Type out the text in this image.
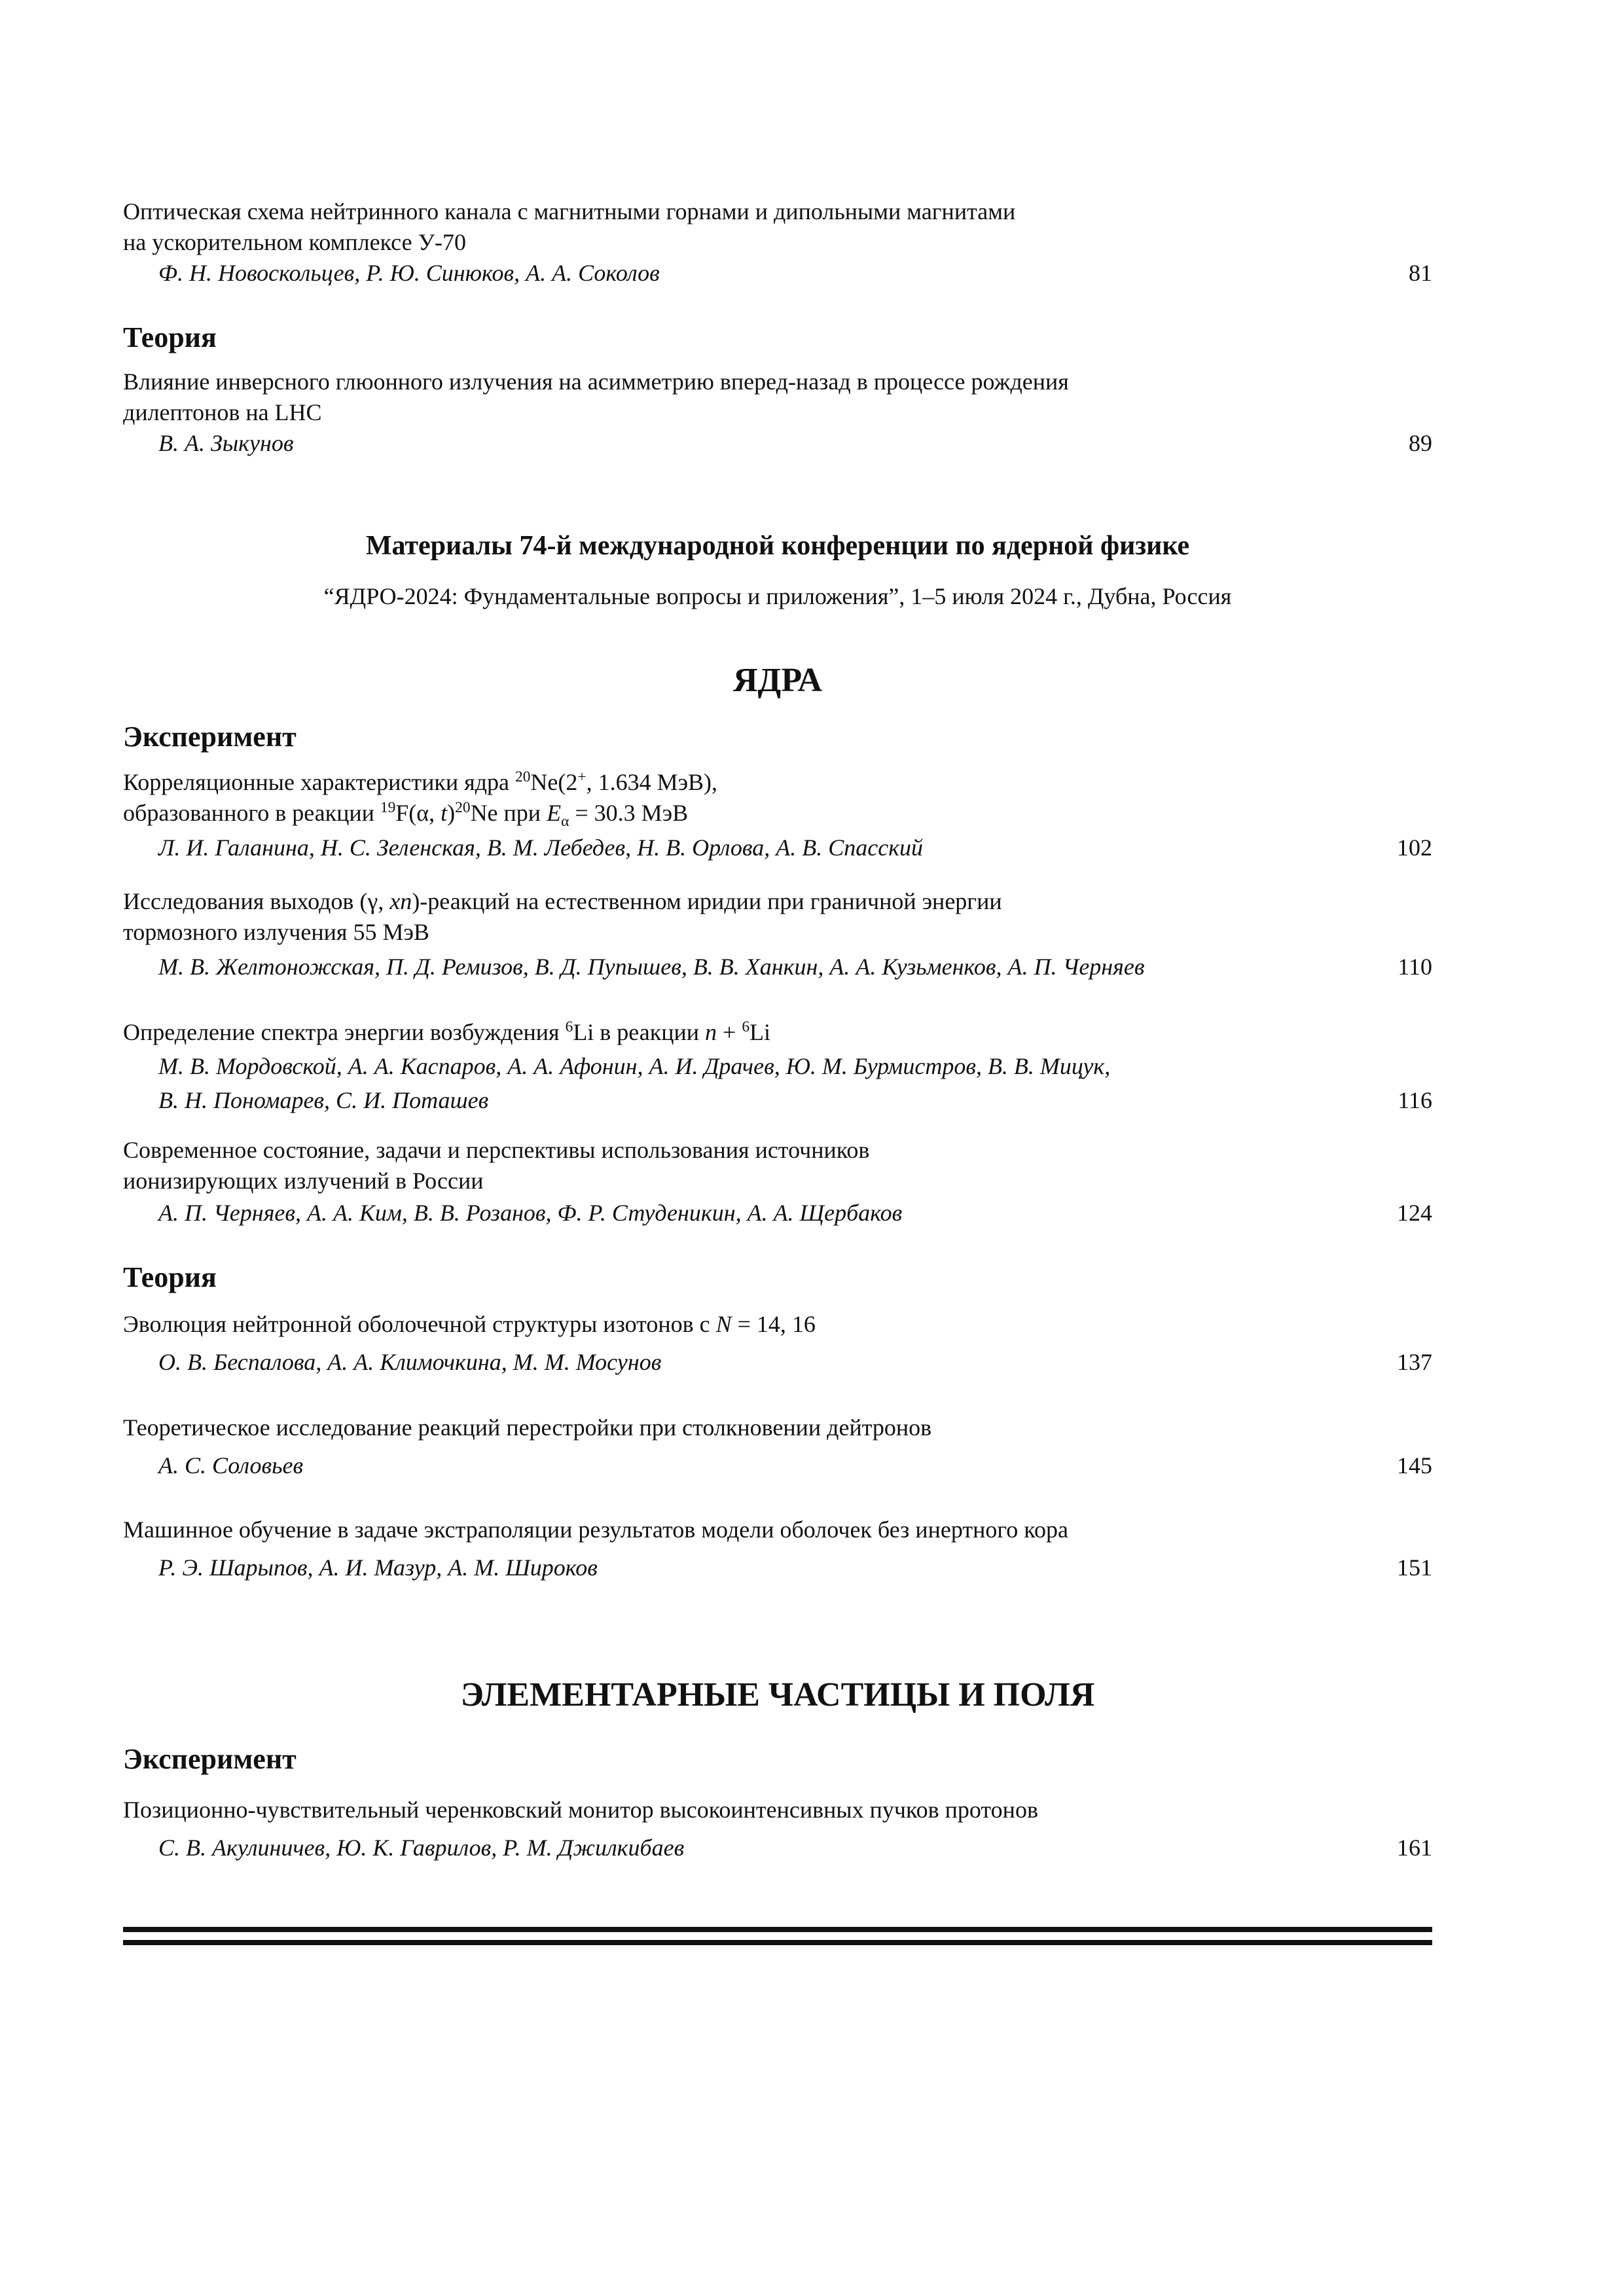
Оптическая схема нейтринного канала с магнитными горнами и дипольными магнитами
на ускорительном комплексе У-70
Ф. Н. Новоскольцев, Р. Ю. Синюков, А. А. Соколов	81
Теория
Влияние инверсного глюонного излучения на асимметрию вперед-назад в процессе рождения
дилептонов на LHC
В. А. Зыкунов	89
Материалы 74-й международной конференции по ядерной физике
“ЯДРО-2024: Фундаментальные вопросы и приложения”, 1–5 июля 2024 г., Дубна, Россия
ЯДРА
Эксперимент
Корреляционные характеристики ядра $^{20}$Ne(2+, 1.634 МэВ),
образованного в реакции $^{19}$F(α, t)$^{20}$Ne при $E_\alpha = 30.3$ МэВ
Л. И. Галанина, Н. С. Зеленская, В. М. Лебедев, Н. В. Орлова, А. В. Спасский	102
Исследования выходов (γ, xn)-реакций на естественном иридии при граничной энергии
тормозного излучения 55 МэВ
М. В. Желтоножская, П. Д. Ремизов, В. Д. Пупышев, В. В. Ханкин, А. А. Кузьменков, А. П. Черняев	110
Определение спектра энергии возбуждения $^6$Li в реакции n + $^6$Li
М. В. Мордовской, А. А. Каспаров, А. А. Афонин, А. И. Драчев, Ю. М. Бурмистров, В. В. Мицук,
В. Н. Пономарев, С. И. Поташев	116
Современное состояние, задачи и перспективы использования источников
ионизирующих излучений в России
А. П. Черняев, А. А. Ким, В. В. Розанов, Ф. Р. Студеникин, А. А. Щербаков	124
Теория
Эволюция нейтронной оболочечной структуры изотонов с N = 14, 16
О. В. Беспалова, А. А. Климочкина, М. М. Мосунов	137
Теоретическое исследование реакций перестройки при столкновении дейтронов
А. С. Соловьев	145
Машинное обучение в задаче экстраполяции результатов модели оболочек без инертного кора
Р. Э. Шарыпов, А. И. Мазур, А. М. Широков	151
ЭЛЕМЕНТАРНЫЕ ЧАСТИЦЫ И ПОЛЯ
Эксперимент
Позиционно-чувствительный черенковский монитор высокоинтенсивных пучков протонов
С. В. Акулиничев, Ю. К. Гаврилов, Р. М. Джилкибаев	161
